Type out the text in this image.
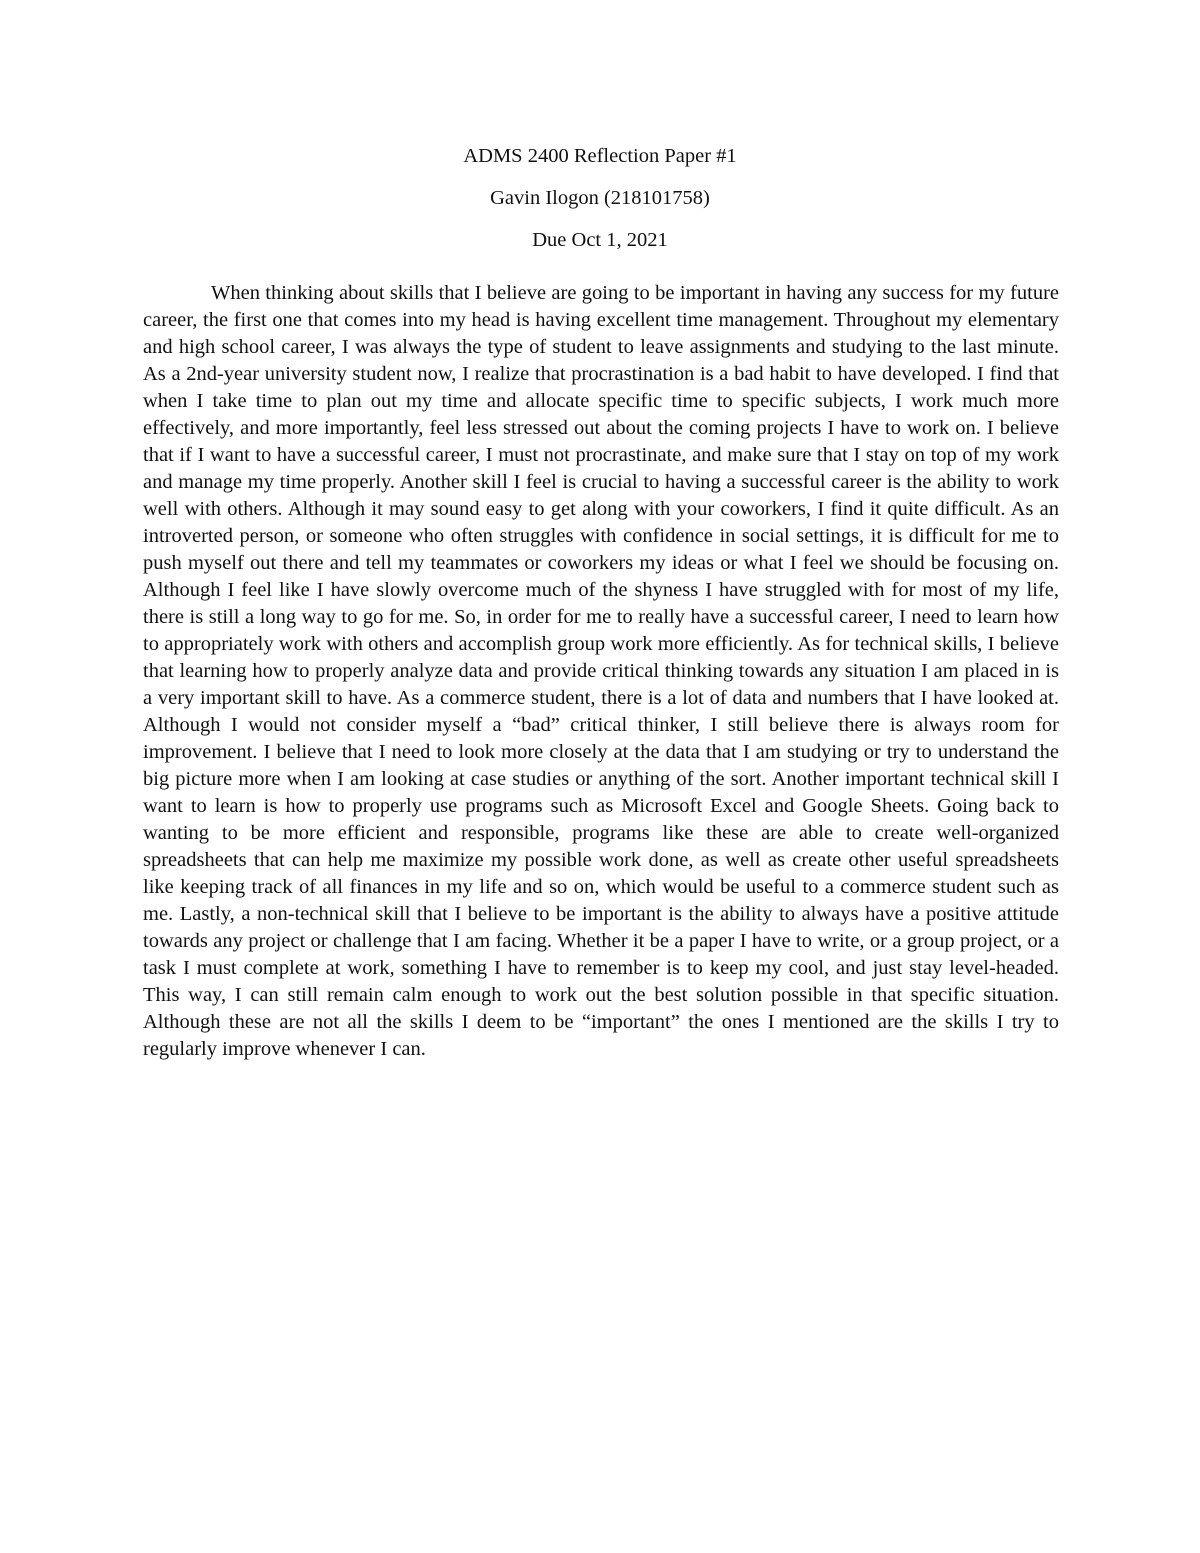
ADMS 2400 Reflection Paper #1
Gavin Ilogon (218101758)
Due Oct 1, 2021

When thinking about skills that I believe are going to be important in having any success for my future career, the first one that comes into my head is having excellent time management. Throughout my elementary and high school career, I was always the type of student to leave assignments and studying to the last minute. As a 2nd-year university student now, I realize that procrastination is a bad habit to have developed. I find that when I take time to plan out my time and allocate specific time to specific subjects, I work much more effectively, and more importantly, feel less stressed out about the coming projects I have to work on. I believe that if I want to have a successful career, I must not procrastinate, and make sure that I stay on top of my work and manage my time properly. Another skill I feel is crucial to having a successful career is the ability to work well with others. Although it may sound easy to get along with your coworkers, I find it quite difficult. As an introverted person, or someone who often struggles with confidence in social settings, it is difficult for me to push myself out there and tell my teammates or coworkers my ideas or what I feel we should be focusing on. Although I feel like I have slowly overcome much of the shyness I have struggled with for most of my life, there is still a long way to go for me. So, in order for me to really have a successful career, I need to learn how to appropriately work with others and accomplish group work more efficiently. As for technical skills, I believe that learning how to properly analyze data and provide critical thinking towards any situation I am placed in is a very important skill to have. As a commerce student, there is a lot of data and numbers that I have looked at. Although I would not consider myself a “bad” critical thinker, I still believe there is always room for improvement. I believe that I need to look more closely at the data that I am studying or try to understand the big picture more when I am looking at case studies or anything of the sort. Another important technical skill I want to learn is how to properly use programs such as Microsoft Excel and Google Sheets. Going back to wanting to be more efficient and responsible, programs like these are able to create well-organized spreadsheets that can help me maximize my possible work done, as well as create other useful spreadsheets like keeping track of all finances in my life and so on, which would be useful to a commerce student such as me. Lastly, a non-technical skill that I believe to be important is the ability to always have a positive attitude towards any project or challenge that I am facing. Whether it be a paper I have to write, or a group project, or a task I must complete at work, something I have to remember is to keep my cool, and just stay level-headed. This way, I can still remain calm enough to work out the best solution possible in that specific situation. Although these are not all the skills I deem to be “important” the ones I mentioned are the skills I try to regularly improve whenever I can.
